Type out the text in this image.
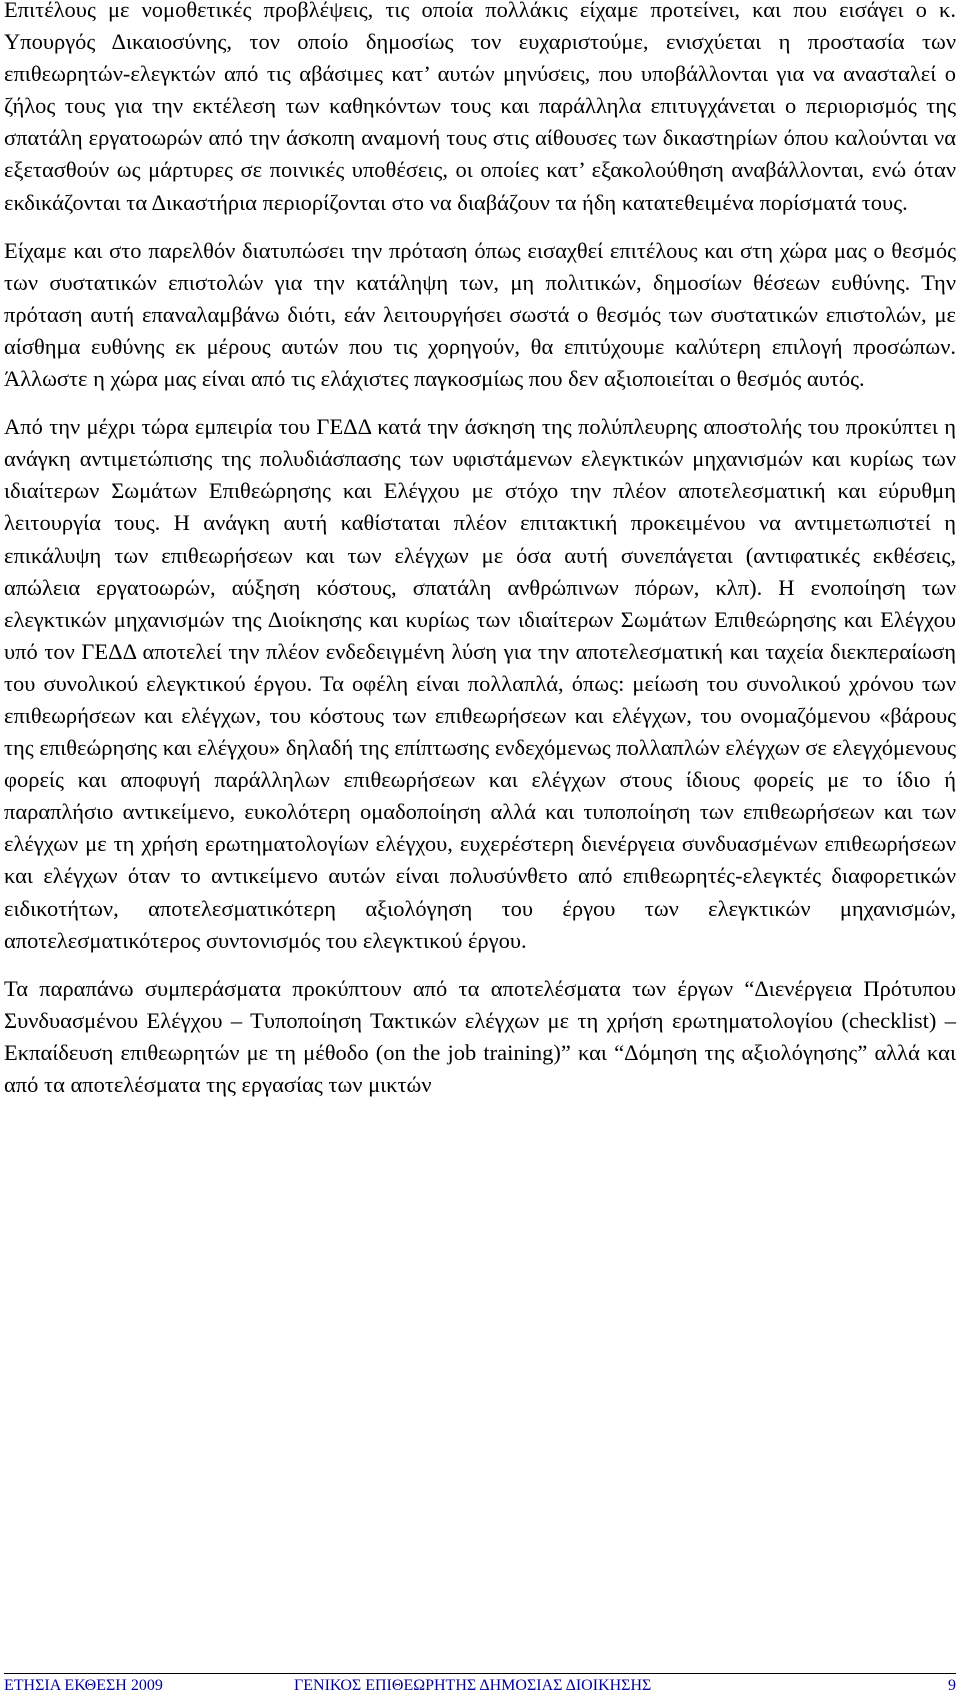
Επιτέλους με νομοθετικές προβλέψεις, τις οποία πολλάκις είχαμε προτείνει, και που εισάγει ο κ. Υπουργός Δικαιοσύνης, τον οποίο δημοσίως τον ευχαριστούμε, ενισχύεται η προστασία των επιθεωρητών-ελεγκτών από τις αβάσιμες κατ’ αυτών μηνύσεις, που υποβάλλονται για να ανασταλεί ο ζήλος τους για την εκτέλεση των καθηκόντων τους και παράλληλα επιτυγχάνεται ο περιορισμός της σπατάλη εργατοωρών από την άσκοπη αναμονή τους στις αίθουσες των δικαστηρίων όπου καλούνται να εξετασθούν ως μάρτυρες σε ποινικές υποθέσεις, οι οποίες κατ’ εξακολούθηση αναβάλλονται, ενώ όταν εκδικάζονται τα Δικαστήρια περιορίζονται στο να διαβάζουν τα ήδη κατατεθειμένα πορίσματά τους.

Είχαμε και στο παρελθόν διατυπώσει την πρόταση όπως εισαχθεί επιτέλους και στη χώρα μας ο θεσμός των συστατικών επιστολών για την κατάληψη των, μη πολιτικών, δημοσίων θέσεων ευθύνης. Την πρόταση αυτή επαναλαμβάνω διότι, εάν λειτουργήσει σωστά ο θεσμός των συστατικών επιστολών, με αίσθημα ευθύνης εκ μέρους αυτών που τις χορηγούν, θα επιτύχουμε καλύτερη επιλογή προσώπων. Άλλωστε η χώρα μας είναι από τις ελάχιστες παγκοσμίως που δεν αξιοποιείται ο θεσμός αυτός.

Από την μέχρι τώρα εμπειρία του ΓΕΔΔ κατά την άσκηση της πολύπλευρης αποστολής του προκύπτει η ανάγκη αντιμετώπισης της πολυδιάσπασης των υφιστάμενων ελεγκτικών μηχανισμών και κυρίως των ιδιαίτερων Σωμάτων Επιθεώρησης και Ελέγχου με στόχο την πλέον αποτελεσματική και εύρυθμη λειτουργία τους. Η ανάγκη αυτή καθίσταται πλέον επιτακτική προκειμένου να αντιμετωπιστεί η επικάλυψη των επιθεωρήσεων και των ελέγχων με όσα αυτή συνεπάγεται (αντιφατικές εκθέσεις, απώλεια εργατοωρών, αύξηση κόστους, σπατάλη ανθρώπινων πόρων, κλπ). Η ενοποίηση των ελεγκτικών μηχανισμών της Διοίκησης και κυρίως των ιδιαίτερων Σωμάτων Επιθεώρησης και Ελέγχου υπό τον ΓΕΔΔ αποτελεί την πλέον ενδεδειγμένη λύση για την αποτελεσματική και ταχεία διεκπεραίωση του συνολικού ελεγκτικού έργου. Τα οφέλη είναι πολλαπλά, όπως: μείωση του συνολικού χρόνου των επιθεωρήσεων και ελέγχων, του κόστους των επιθεωρήσεων και ελέγχων, του ονομαζόμενου «βάρους της επιθεώρησης και ελέγχου» δηλαδή της επίπτωσης ενδεχόμενως πολλαπλών ελέγχων σε ελεγχόμενους φορείς και αποφυγή παράλληλων επιθεωρήσεων και ελέγχων στους ίδιους φορείς με το ίδιο ή παραπλήσιο αντικείμενο, ευκολότερη ομαδοποίηση αλλά και τυποποίηση των επιθεωρήσεων και των ελέγχων με τη χρήση ερωτηματολογίων ελέγχου, ευχερέστερη διενέργεια συνδυασμένων επιθεωρήσεων και ελέγχων όταν το αντικείμενο αυτών είναι πολυσύνθετο από επιθεωρητές-ελεγκτές διαφορετικών ειδικοτήτων, αποτελεσματικότερη αξιολόγηση του έργου των ελεγκτικών μηχανισμών, αποτελεσματικότερος συντονισμός του ελεγκτικού έργου.

Τα παραπάνω συμπεράσματα προκύπτουν από τα αποτελέσματα των έργων “Διενέργεια Πρότυπου Συνδυασμένου Ελέγχου – Τυποποίηση Τακτικών ελέγχων με τη χρήση ερωτηματολογίου (checklist) – Εκπαίδευση επιθεωρητών με τη μέθοδο (on the job training)” και “Δόμηση της αξιολόγησης” αλλά και από τα αποτελέσματα της εργασίας των μικτών

ΕΤΗΣΙΑ ΕΚΘΕΣΗ 2009	ΓΕΝΙΚΟΣ ΕΠΙΘΕΩΡΗΤΗΣ ΔΗΜΟΣΙΑΣ ΔΙΟΙΚΗΣΗΣ	9
